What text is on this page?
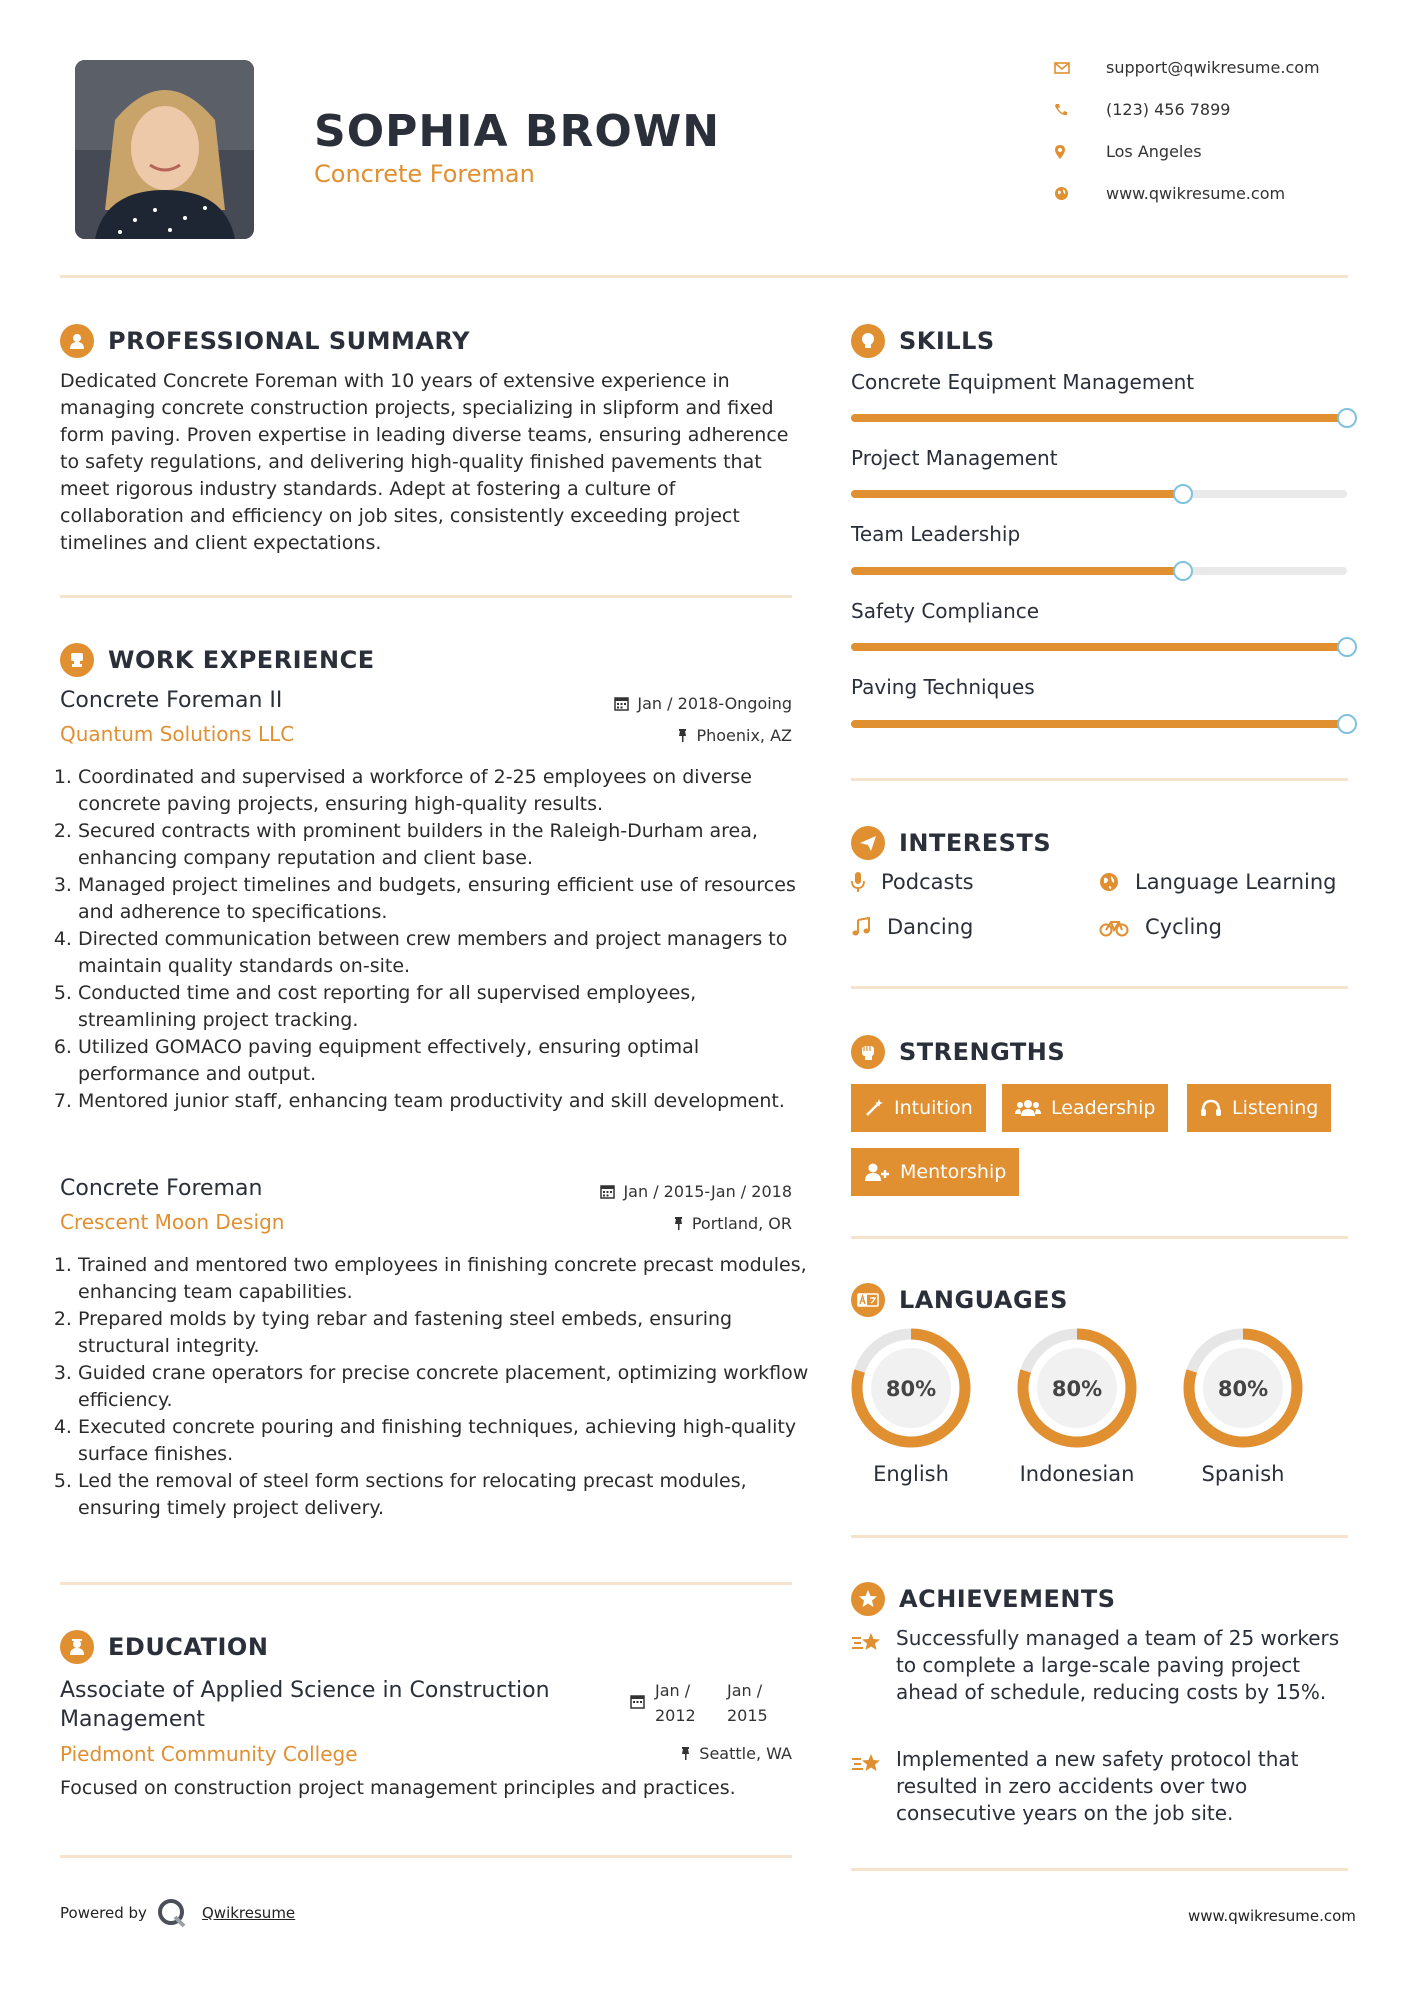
SOPHIA BROWN
Concrete Foreman
support@qwikresume.com
(123) 456 7899
Los Angeles
www.qwikresume.com
PROFESSIONAL SUMMARY
Dedicated Concrete Foreman with 10 years of extensive experience in managing concrete construction projects, specializing in slipform and fixed form paving. Proven expertise in leading diverse teams, ensuring adherence to safety regulations, and delivering high-quality finished pavements that meet rigorous industry standards. Adept at fostering a culture of collaboration and efficiency on job sites, consistently exceeding project timelines and client expectations.
WORK EXPERIENCE
Concrete Foreman II
Quantum Solutions LLC
Jan / 2018-Ongoing
Phoenix, AZ
1. Coordinated and supervised a workforce of 2-25 employees on diverse concrete paving projects, ensuring high-quality results.
2. Secured contracts with prominent builders in the Raleigh-Durham area, enhancing company reputation and client base.
3. Managed project timelines and budgets, ensuring efficient use of resources and adherence to specifications.
4. Directed communication between crew members and project managers to maintain quality standards on-site.
5. Conducted time and cost reporting for all supervised employees, streamlining project tracking.
6. Utilized GOMACO paving equipment effectively, ensuring optimal performance and output.
7. Mentored junior staff, enhancing team productivity and skill development.
Concrete Foreman
Crescent Moon Design
Jan / 2015-Jan / 2018
Portland, OR
1. Trained and mentored two employees in finishing concrete precast modules, enhancing team capabilities.
2. Prepared molds by tying rebar and fastening steel embeds, ensuring structural integrity.
3. Guided crane operators for precise concrete placement, optimizing workflow efficiency.
4. Executed concrete pouring and finishing techniques, achieving high-quality surface finishes.
5. Led the removal of steel form sections for relocating precast modules, ensuring timely project delivery.
EDUCATION
Associate of Applied Science in Construction Management
Piedmont Community College
Jan / 2012
Jan / 2015
Seattle, WA
Focused on construction project management principles and practices.
SKILLS
Concrete Equipment Management
Project Management
Team Leadership
Safety Compliance
Paving Techniques
INTERESTS
Podcasts	Language Learning
Dancing	Cycling
STRENGTHS
Intuition	Leadership	Listening
Mentorship
LANGUAGES
80%
English
80%
Indonesian
80%
Spanish
ACHIEVEMENTS
Successfully managed a team of 25 workers to complete a large-scale paving project ahead of schedule, reducing costs by 15%.
Implemented a new safety protocol that resulted in zero accidents over two consecutive years on the job site.
Powered by	Qwikresume	www.qwikresume.com
